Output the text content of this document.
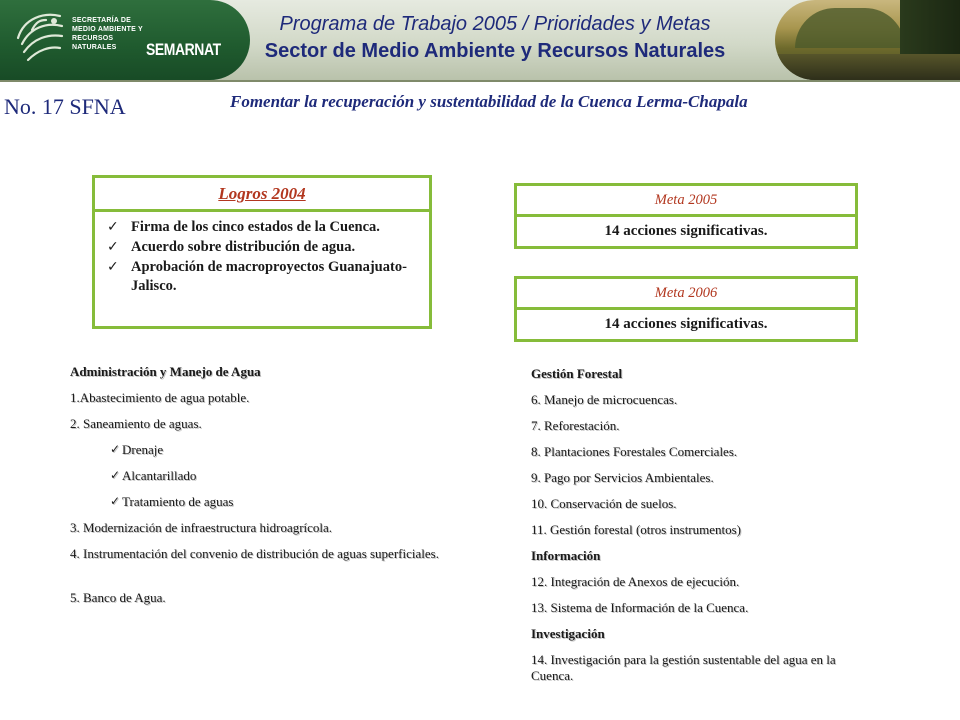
SECRETARÍA DE MEDIO AMBIENTE Y RECURSOS NATURALES	SEMARNAT
Programa de Trabajo 2005 / Prioridades y Metas
Sector de Medio Ambiente y Recursos Naturales
No. 17 SFNA	Fomentar la recuperación y sustentabilidad de la Cuenca Lerma-Chapala
Logros 2004
✓ Firma de los cinco estados de la Cuenca.
✓ Acuerdo sobre distribución de agua.
✓ Aprobación de macroproyectos Guanajuato-Jalisco.
Meta 2005
14 acciones significativas.
Meta 2006
14 acciones significativas.
Administración y Manejo de Agua
1.Abastecimiento de agua potable.
2. Saneamiento de aguas.
✓ Drenaje
✓ Alcantarillado
✓ Tratamiento de aguas
3. Modernización de infraestructura hidroagrícola.
4. Instrumentación del convenio de distribución de aguas superficiales.
5. Banco de Agua.
Gestión Forestal
6. Manejo de microcuencas.
7. Reforestación.
8. Plantaciones Forestales Comerciales.
9. Pago por Servicios Ambientales.
10. Conservación de suelos.
11. Gestión forestal (otros instrumentos)
Información
12. Integración de Anexos de ejecución.
13. Sistema de Información de la Cuenca.
Investigación
14. Investigación para la gestión sustentable del agua en la Cuenca.
